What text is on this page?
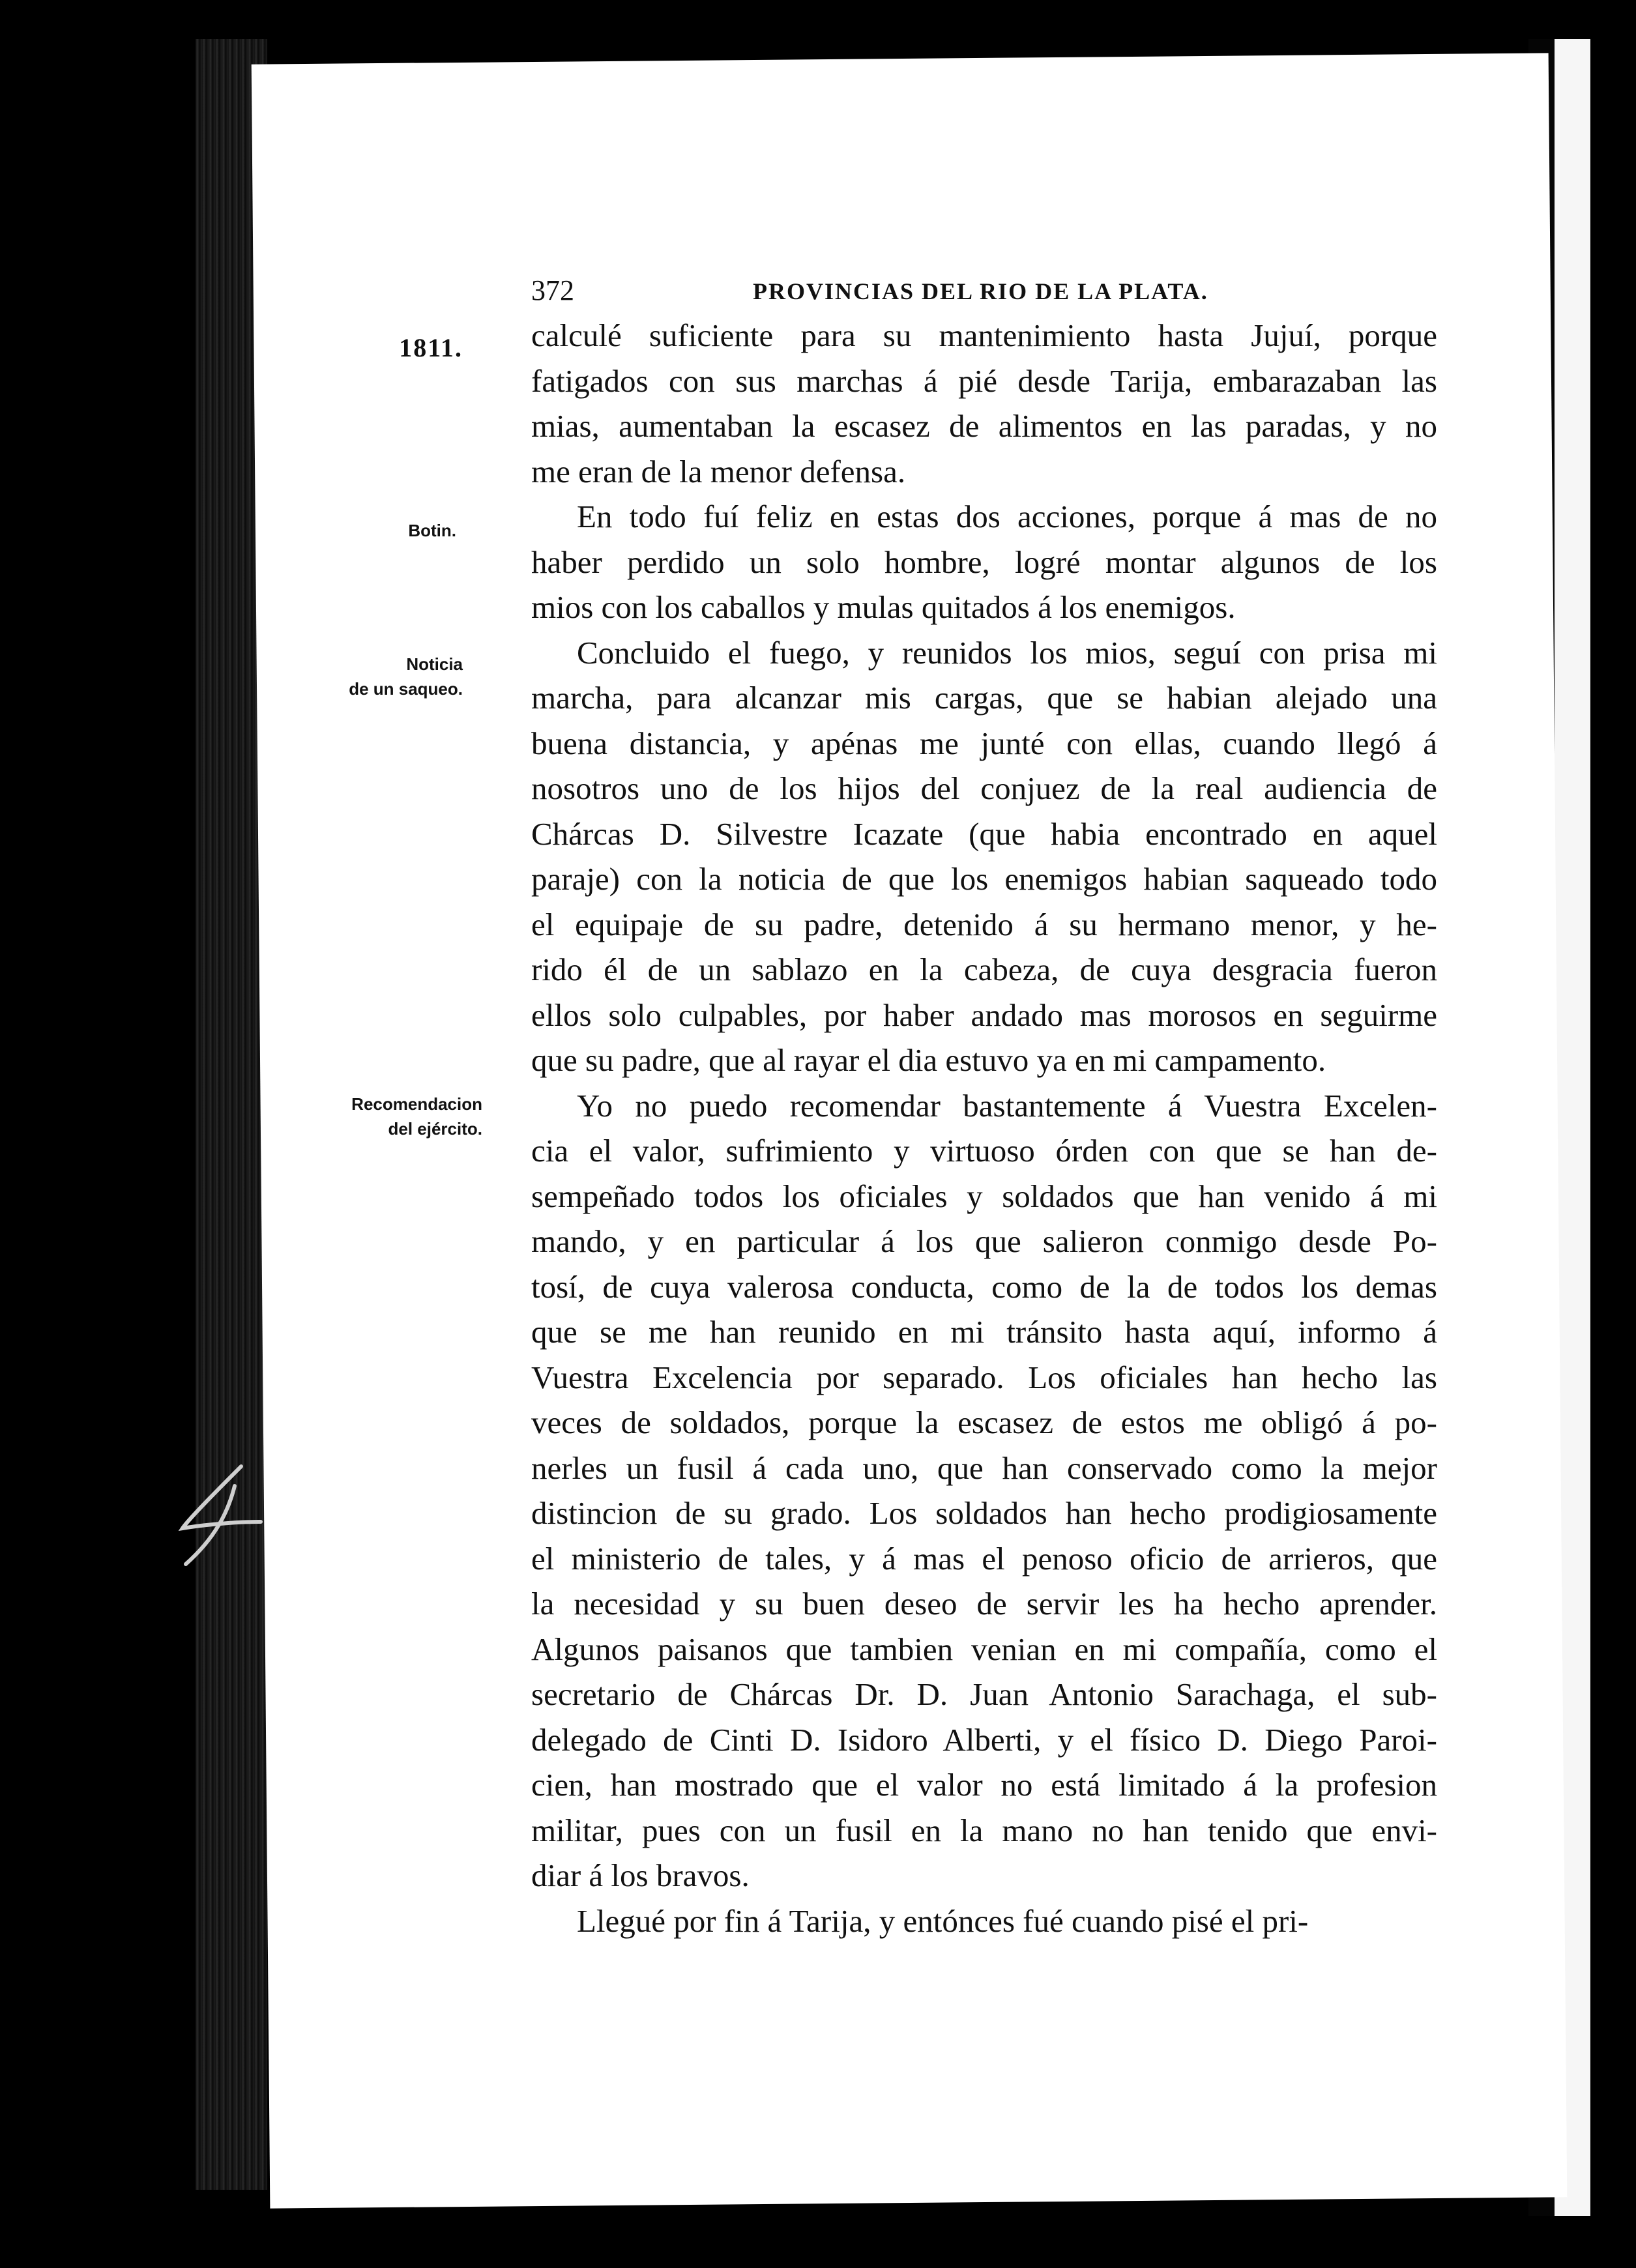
372	PROVINCIAS DEL RIO DE LA PLATA.
1811.
Botin.
Noticia
de un saqueo.
Recomendacion
del ejército.
calculé suficiente para su mantenimiento hasta Jujuí, porque
fatigados con sus marchas á pié desde Tarija, embarazaban las
mias, aumentaban la escasez de alimentos en las paradas, y no
me eran de la menor defensa.
En todo fuí feliz en estas dos acciones, porque á mas de no
haber perdido un solo hombre, logré montar algunos de los
mios con los caballos y mulas quitados á los enemigos.
Concluido el fuego, y reunidos los mios, seguí con prisa mi
marcha, para alcanzar mis cargas, que se habian alejado una
buena distancia, y apénas me junté con ellas, cuando llegó á
nosotros uno de los hijos del conjuez de la real audiencia de
Chárcas D. Silvestre Icazate (que habia encontrado en aquel
paraje) con la noticia de que los enemigos habian saqueado todo
el equipaje de su padre, detenido á su hermano menor, y he-
rido él de un sablazo en la cabeza, de cuya desgracia fueron
ellos solo culpables, por haber andado mas morosos en seguirme
que su padre, que al rayar el dia estuvo ya en mi campamento.
Yo no puedo recomendar bastantemente á Vuestra Excelen-
cia el valor, sufrimiento y virtuoso órden con que se han de-
sempeñado todos los oficiales y soldados que han venido á mi
mando, y en particular á los que salieron conmigo desde Po-
tosí, de cuya valerosa conducta, como de la de todos los demas
que se me han reunido en mi tránsito hasta aquí, informo á
Vuestra Excelencia por separado. Los oficiales han hecho las
veces de soldados, porque la escasez de estos me obligó á po-
nerles un fusil á cada uno, que han conservado como la mejor
distincion de su grado. Los soldados han hecho prodigiosamente
el ministerio de tales, y á mas el penoso oficio de arrieros, que
la necesidad y su buen deseo de servir les ha hecho aprender.
Algunos paisanos que tambien venian en mi compañía, como el
secretario de Chárcas Dr. D. Juan Antonio Sarachaga, el sub-
delegado de Cinti D. Isidoro Alberti, y el físico D. Diego Paroi-
cien, han mostrado que el valor no está limitado á la profesion
militar, pues con un fusil en la mano no han tenido que envi-
diar á los bravos.
Llegué por fin á Tarija, y entónces fué cuando pisé el pri-
